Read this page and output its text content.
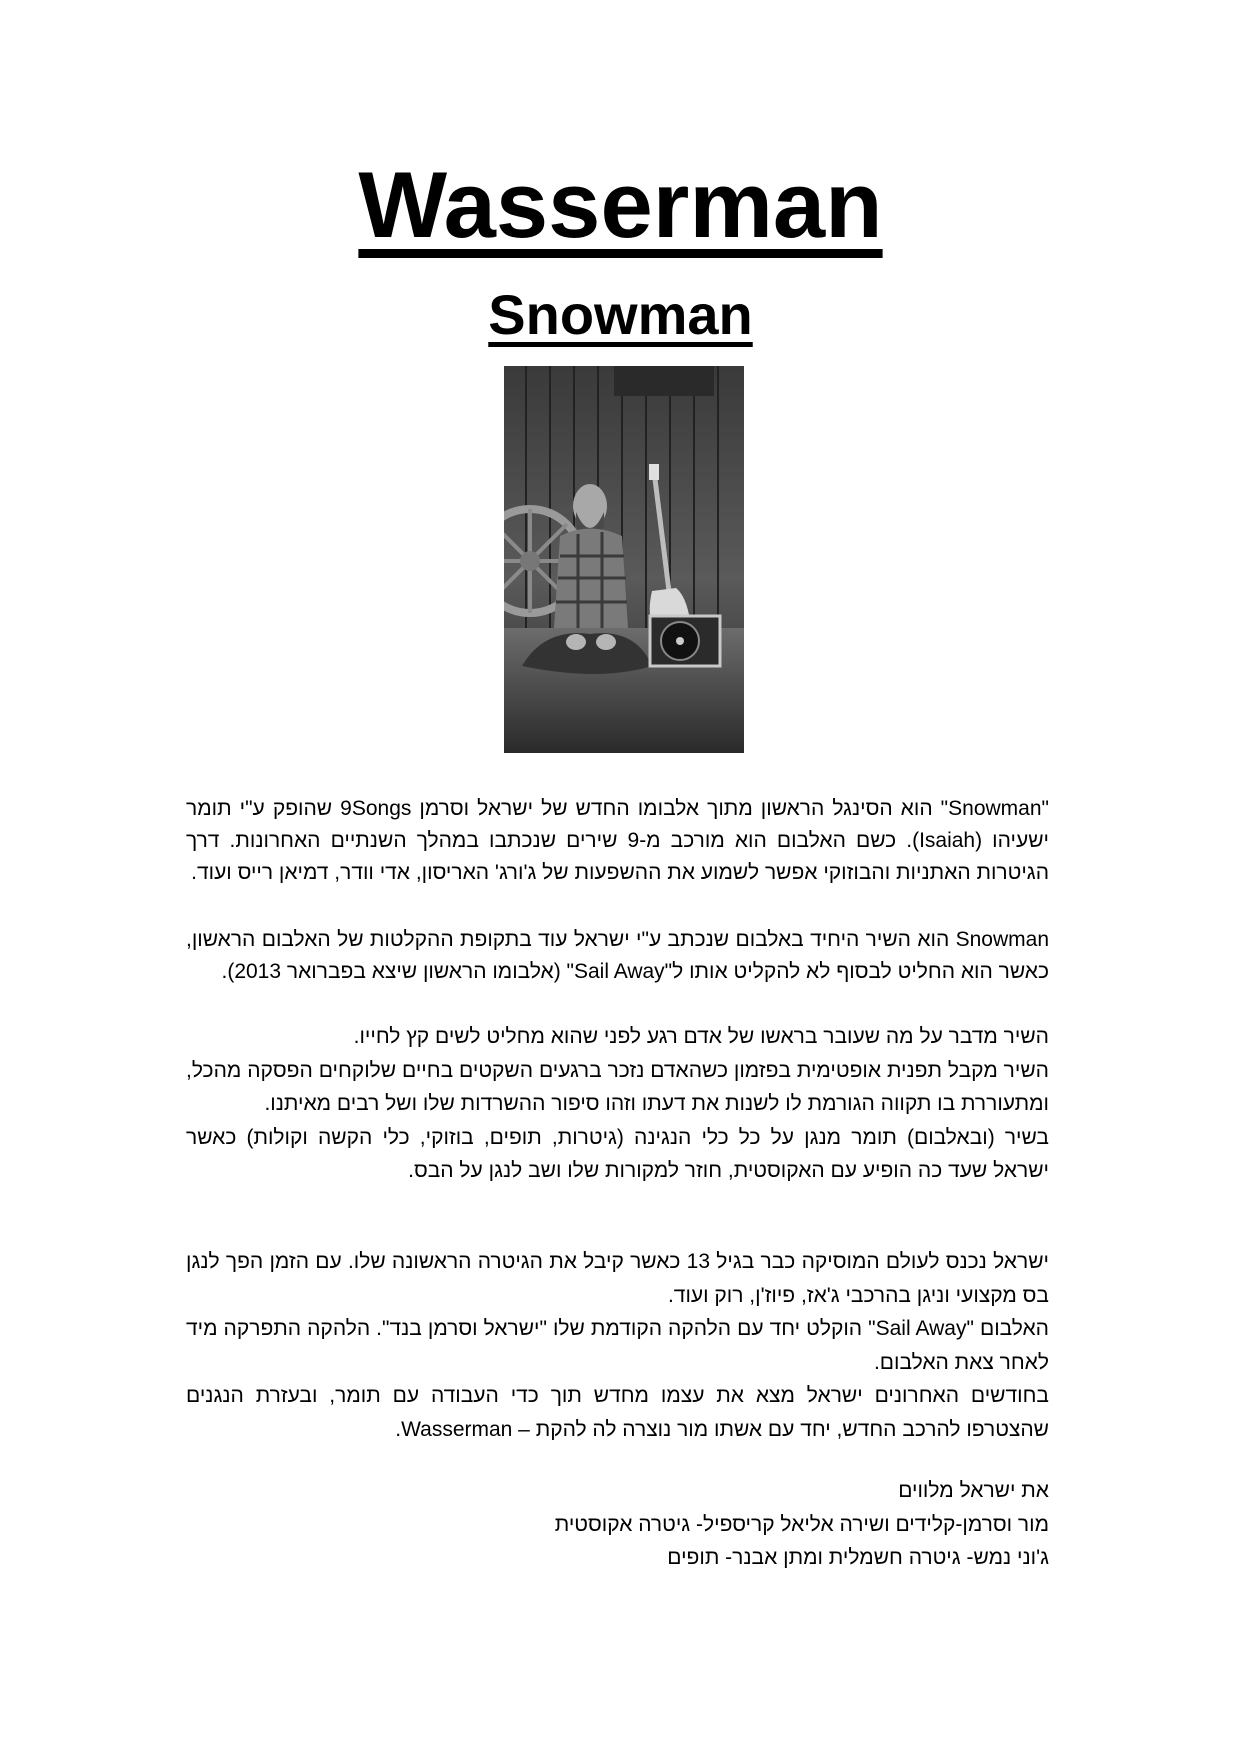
Wasserman
Snowman

"Snowman" הוא הסינגל הראשון מתוך אלבומו החדש של ישראל וסרמן 9Songs שהופק ע"י תומר ישעיהו (Isaiah). כשם האלבום הוא מורכב מ-9 שירים שנכתבו במהלך השנתיים האחרונות. דרך הגיטרות האתניות והבוזוקי אפשר לשמוע את ההשפעות של ג'ורג' האריסון, אדי וודר, דמיאן רייס ועוד.

Snowman הוא השיר היחיד באלבום שנכתב ע"י ישראל עוד בתקופת ההקלטות של האלבום הראשון, כאשר הוא החליט לבסוף לא להקליט אותו ל"Sail Away" (אלבומו הראשון שיצא בפברואר 2013).

השיר מדבר על מה שעובר בראשו של אדם רגע לפני שהוא מחליט לשים קץ לחייו.
השיר מקבל תפנית אופטימית בפזמון כשהאדם נזכר ברגעים השקטים בחיים שלוקחים הפסקה מהכל, ומתעוררת בו תקווה הגורמת לו לשנות את דעתו וזהו סיפור ההשרדות שלו ושל רבים מאיתנו.
בשיר (ובאלבום) תומר מנגן על כל כלי הנגינה (גיטרות, תופים, בוזוקי, כלי הקשה וקולות) כאשר ישראל שעד כה הופיע עם האקוסטית, חוזר למקורות שלו ושב לנגן על הבס.
ישראל נכנס לעולם המוסיקה כבר בגיל 13 כאשר קיבל את הגיטרה הראשונה שלו. עם הזמן הפך לנגן בס מקצועי וניגן בהרכבי ג'אז, פיוז'ן, רוק ועוד.
האלבום "Sail Away" הוקלט יחד עם הלהקה הקודמת שלו "ישראל וסרמן בנד". הלהקה התפרקה מיד לאחר צאת האלבום.
בחודשים האחרונים ישראל מצא את עצמו מחדש תוך כדי העבודה עם תומר, ובעזרת הנגנים שהצטרפו להרכב החדש, יחד עם אשתו מור נוצרה לה להקת – Wasserman.
את ישראל מלווים
מור וסרמן-קלידים ושירה אליאל קריספיל- גיטרה אקוסטית
ג'וני נמש- גיטרה חשמלית ומתן אבנר- תופים
